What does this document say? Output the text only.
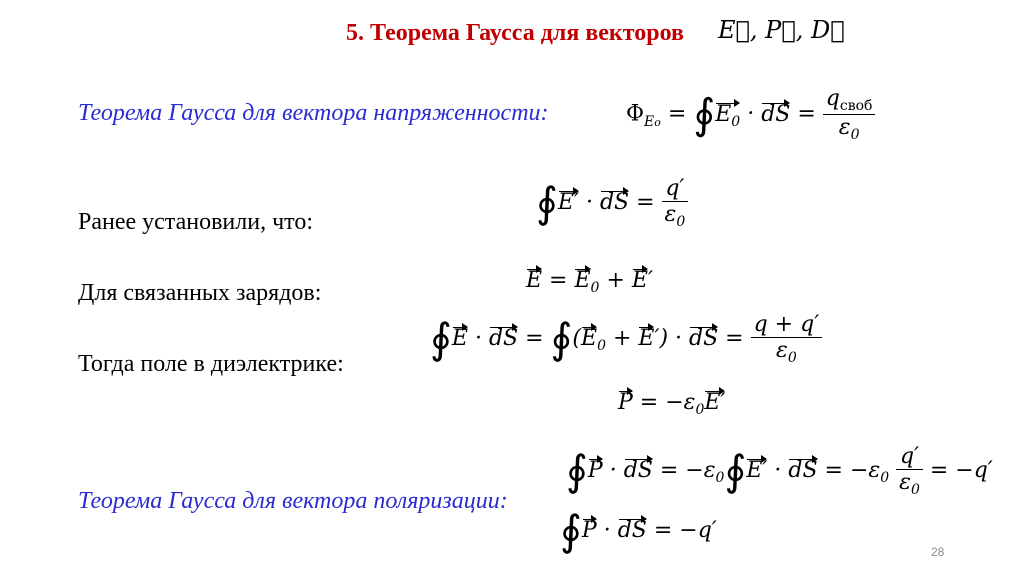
5. Теорема Гаусса для векторов E⃗, P⃗, D⃗
Теорема Гаусса для вектора напряженности:	$\Phi_{Eo}$ = $∮E_0$ · dS = $\frac{q_{своб}}{\varepsilon_0}$
Ранее установили, что:	∮E′ · dS = $\frac{q'}{\varepsilon_0}$
Для связанных зарядов:	$E = E_0 + E'$
Тогда поле в диэлектрике:
∮E · dS = $∮(E_0 + E')$ · dS = $\frac{q + q'}{\varepsilon_0}$
$P = -\varepsilon_0E'$
∮P · dS = $-\varepsilon_0∮E'$ · dS = $-\varepsilon_0 \frac{q'}{\varepsilon_0} = -q'$
Теорема Гаусса для вектора поляризации:
∮P · dS = −q′
28
